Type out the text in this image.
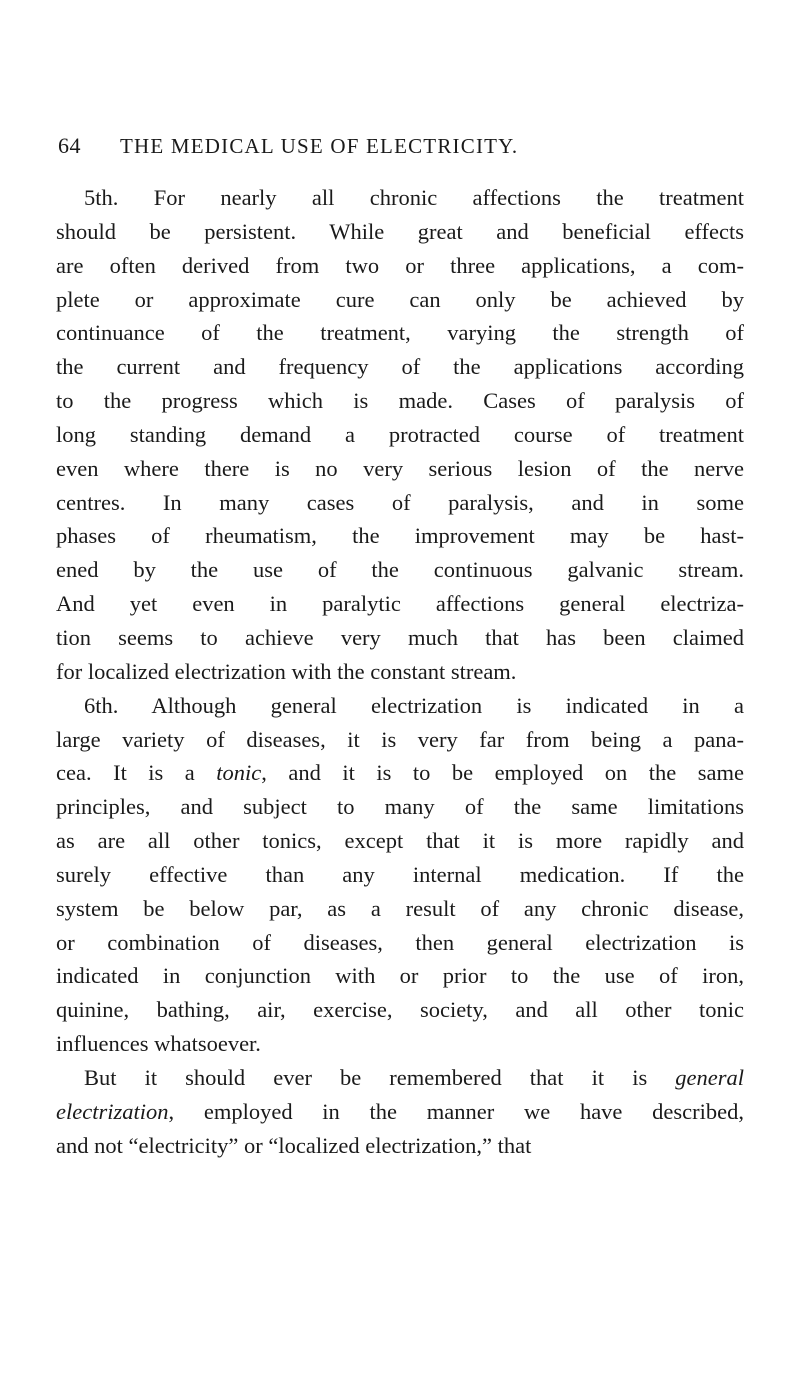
64 THE MEDICAL USE OF ELECTRICITY.
5th. For nearly all chronic affections the treatment
should be persistent. While great and beneficial effects
are often derived from two or three applications, a com-
plete or approximate cure can only be achieved by
continuance of the treatment, varying the strength of
the current and frequency of the applications according
to the progress which is made. Cases of paralysis of
long standing demand a protracted course of treatment
even where there is no very serious lesion of the nerve
centres. In many cases of paralysis, and in some
phases of rheumatism, the improvement may be hast-
ened by the use of the continuous galvanic stream.
And yet even in paralytic affections general electriza-
tion seems to achieve very much that has been claimed
for localized electrization with the constant stream.
6th. Although general electrization is indicated in a
large variety of diseases, it is very far from being a pana-
cea. It is a tonic, and it is to be employed on the same
principles, and subject to many of the same limitations
as are all other tonics, except that it is more rapidly and
surely effective than any internal medication. If the
system be below par, as a result of any chronic disease,
or combination of diseases, then general electrization is
indicated in conjunction with or prior to the use of iron,
quinine, bathing, air, exercise, society, and all other tonic
influences whatsoever.
But it should ever be remembered that it is general
electrization, employed in the manner we have described,
and not “electricity” or “localized electrization,” that
